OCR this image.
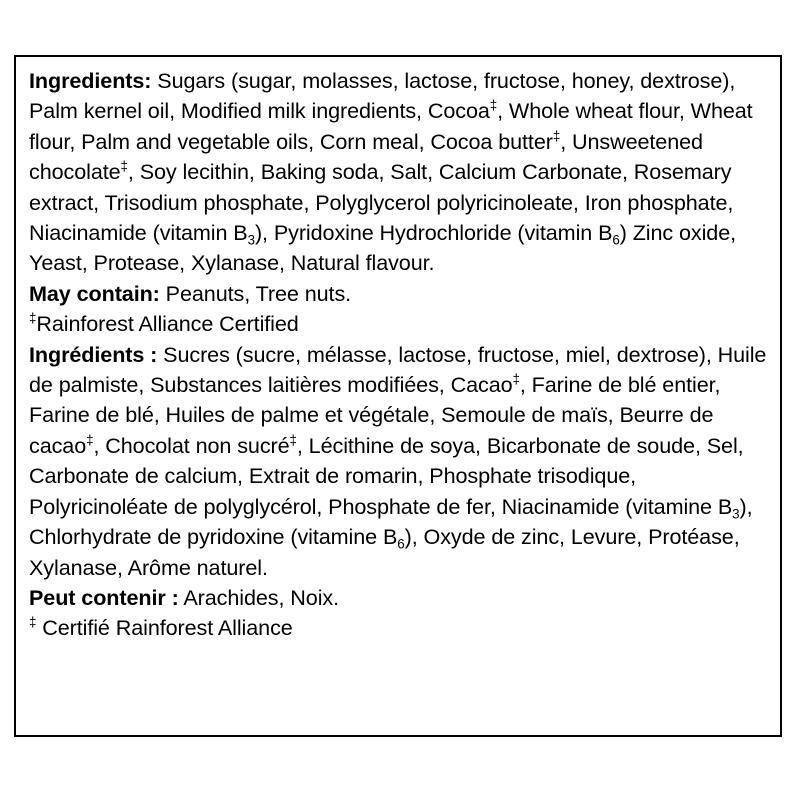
Ingredients: Sugars (sugar, molasses, lactose, fructose, honey, dextrose), Palm kernel oil, Modified milk ingredients, Cocoa‡, Whole wheat flour, Wheat flour, Palm and vegetable oils, Corn meal, Cocoa butter‡, Unsweetened chocolate‡, Soy lecithin, Baking soda, Salt, Calcium Carbonate, Rosemary extract, Trisodium phosphate, Polyglycerol polyricinoleate, Iron phosphate, Niacinamide (vitamin $B_3$), Pyridoxine Hydrochloride (vitamin $B_6$) Zinc oxide, Yeast, Protease, Xylanase, Natural flavour.

May contain: Peanuts, Tree nuts.

‡Rainforest Alliance Certified

Ingrédients : Sucres (sucre, mélasse, lactose, fructose, miel, dextrose), Huile de palmiste, Substances laitières modifiées, Cacao‡, Farine de blé entier, Farine de blé, Huiles de palme et végétale, Semoule de maïs, Beurre de cacao‡, Chocolat non sucré‡, Lécithine de soya, Bicarbonate de soude, Sel, Carbonate de calcium, Extrait de romarin, Phosphate trisodique, Polyricinoléate de polyglycérol, Phosphate de fer, Niacinamide (vitamine $B_3$), Chlorhydrate de pyridoxine (vitamine $B_6$), Oxyde de zinc, Levure, Protéase, Xylanase, Arôme naturel.

Peut contenir : Arachides, Noix.

‡ Certifié Rainforest Alliance
